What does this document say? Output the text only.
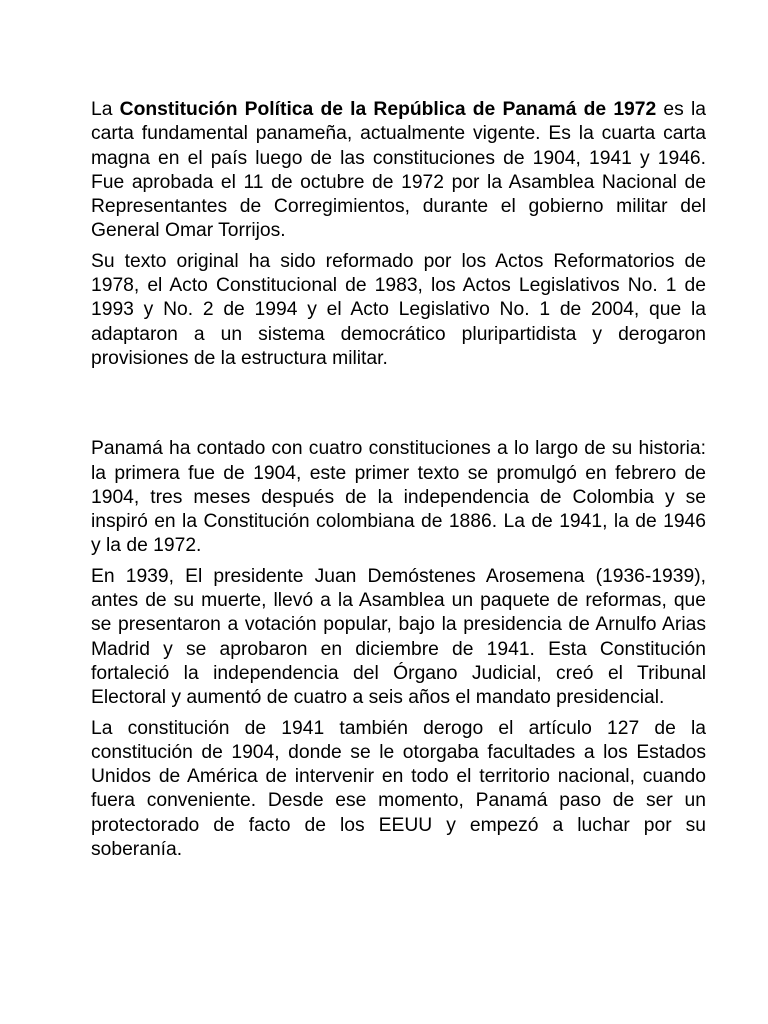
La Constitución Política de la República de Panamá de 1972 es la carta fundamental panameña, actualmente vigente. Es la cuarta carta magna en el país luego de las constituciones de 1904, 1941 y 1946. Fue aprobada el 11 de octubre de 1972 por la Asamblea Nacional de Representantes de Corregimientos, durante el gobierno militar del General Omar Torrijos.

Su texto original ha sido reformado por los Actos Reformatorios de 1978, el Acto Constitucional de 1983, los Actos Legislativos No. 1 de 1993 y No. 2 de 1994 y el Acto Legislativo No. 1 de 2004, que la adaptaron a un sistema democrático pluripartidista y derogaron provisiones de la estructura militar.

Panamá ha contado con cuatro constituciones a lo largo de su historia: la primera fue de 1904, este primer texto se promulgó en febrero de 1904, tres meses después de la independencia de Colombia y se inspiró en la Constitución colombiana de 1886. La de 1941, la de 1946 y la de 1972.

En 1939, El presidente Juan Demóstenes Arosemena (1936-1939), antes de su muerte, llevó a la Asamblea un paquete de reformas, que se presentaron a votación popular, bajo la presidencia de Arnulfo Arias Madrid y se aprobaron en diciembre de 1941. Esta Constitución fortaleció la independencia del Órgano Judicial, creó el Tribunal Electoral y aumentó de cuatro a seis años el mandato presidencial.

La constitución de 1941 también derogo el artículo 127 de la constitución de 1904, donde se le otorgaba facultades a los Estados Unidos de América de intervenir en todo el territorio nacional, cuando fuera conveniente. Desde ese momento, Panamá paso de ser un protectorado de facto de los EEUU y empezó a luchar por su soberanía.
